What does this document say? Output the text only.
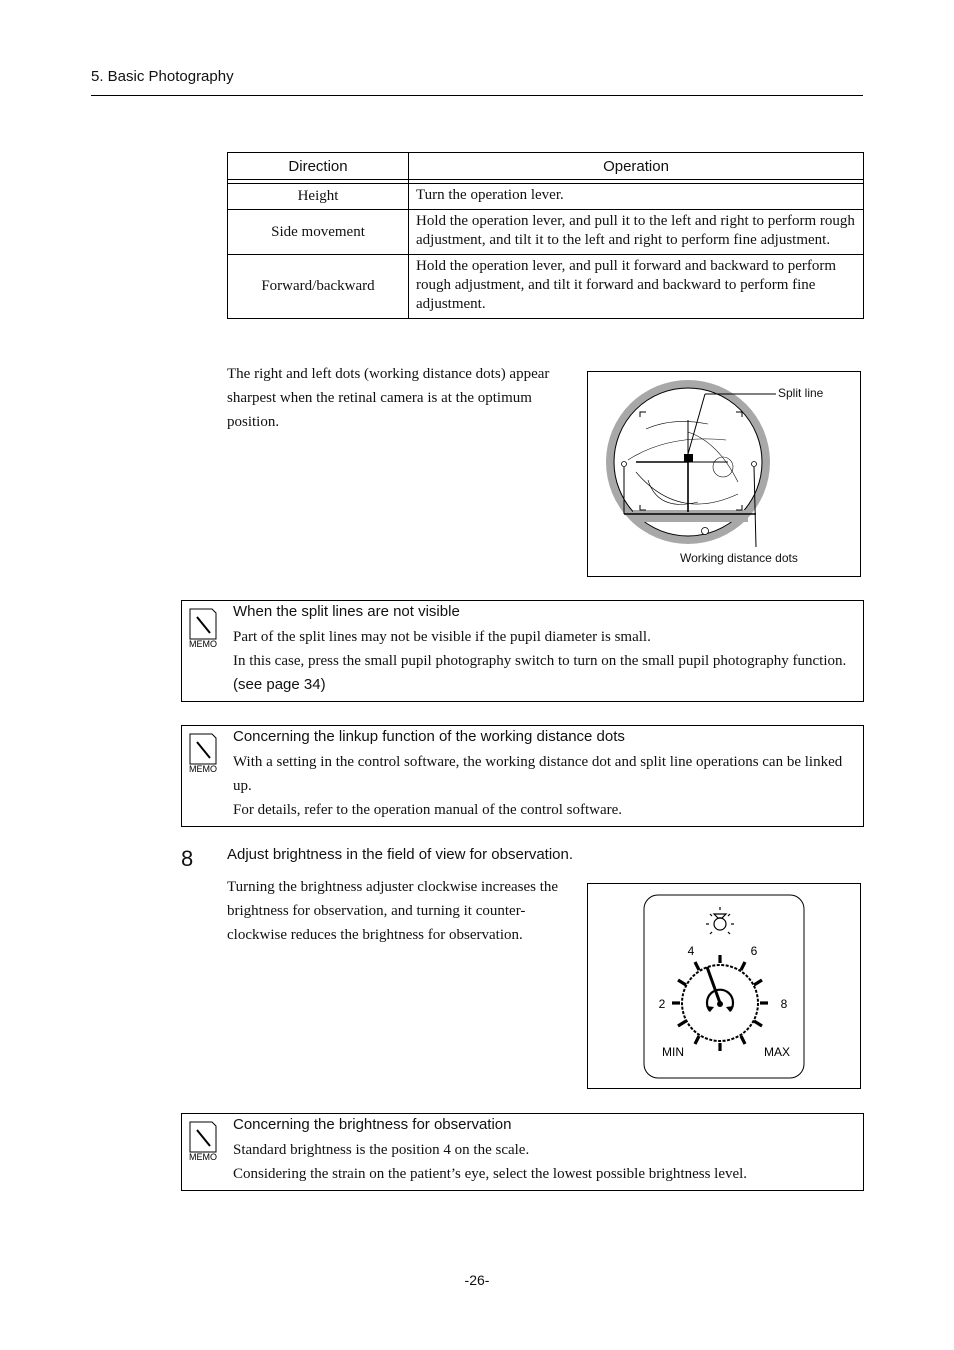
5. Basic Photography
Direction	Operation

Height	Turn the operation lever.
Side movement	Hold the operation lever, and pull it to the left and right to perform rough adjustment, and tilt it to the left and right to perform fine adjustment.
Forward/backward	Hold the operation lever, and pull it forward and backward to perform rough adjustment, and tilt it forward and backward to perform fine adjustment.
The right and left dots (working distance dots) appear sharpest when the retinal camera is at the optimum position.
Split line
Working distance dots
MEMO
When the split lines are not visible

Part of the split lines may not be visible if the pupil diameter is small.

In this case, press the small pupil photography switch to turn on the small pupil photography function. (see page 34)

MEMO
Concerning the linkup function of the working distance dots

With a setting in the control software, the working distance dot and split line operations can be linked up.

For details, refer to the operation manual of the control software.

8 Adjust brightness in the field of view for observation.
Turning the brightness adjuster clockwise increases the brightness for observation, and turning it counter-clockwise reduces the brightness for observation.
2
4	6
8
MIN	MAX
MEMO
Concerning the brightness for observation

Standard brightness is the position 4 on the scale.

Considering the strain on the patient’s eye, select the lowest possible brightness level.

-26-
